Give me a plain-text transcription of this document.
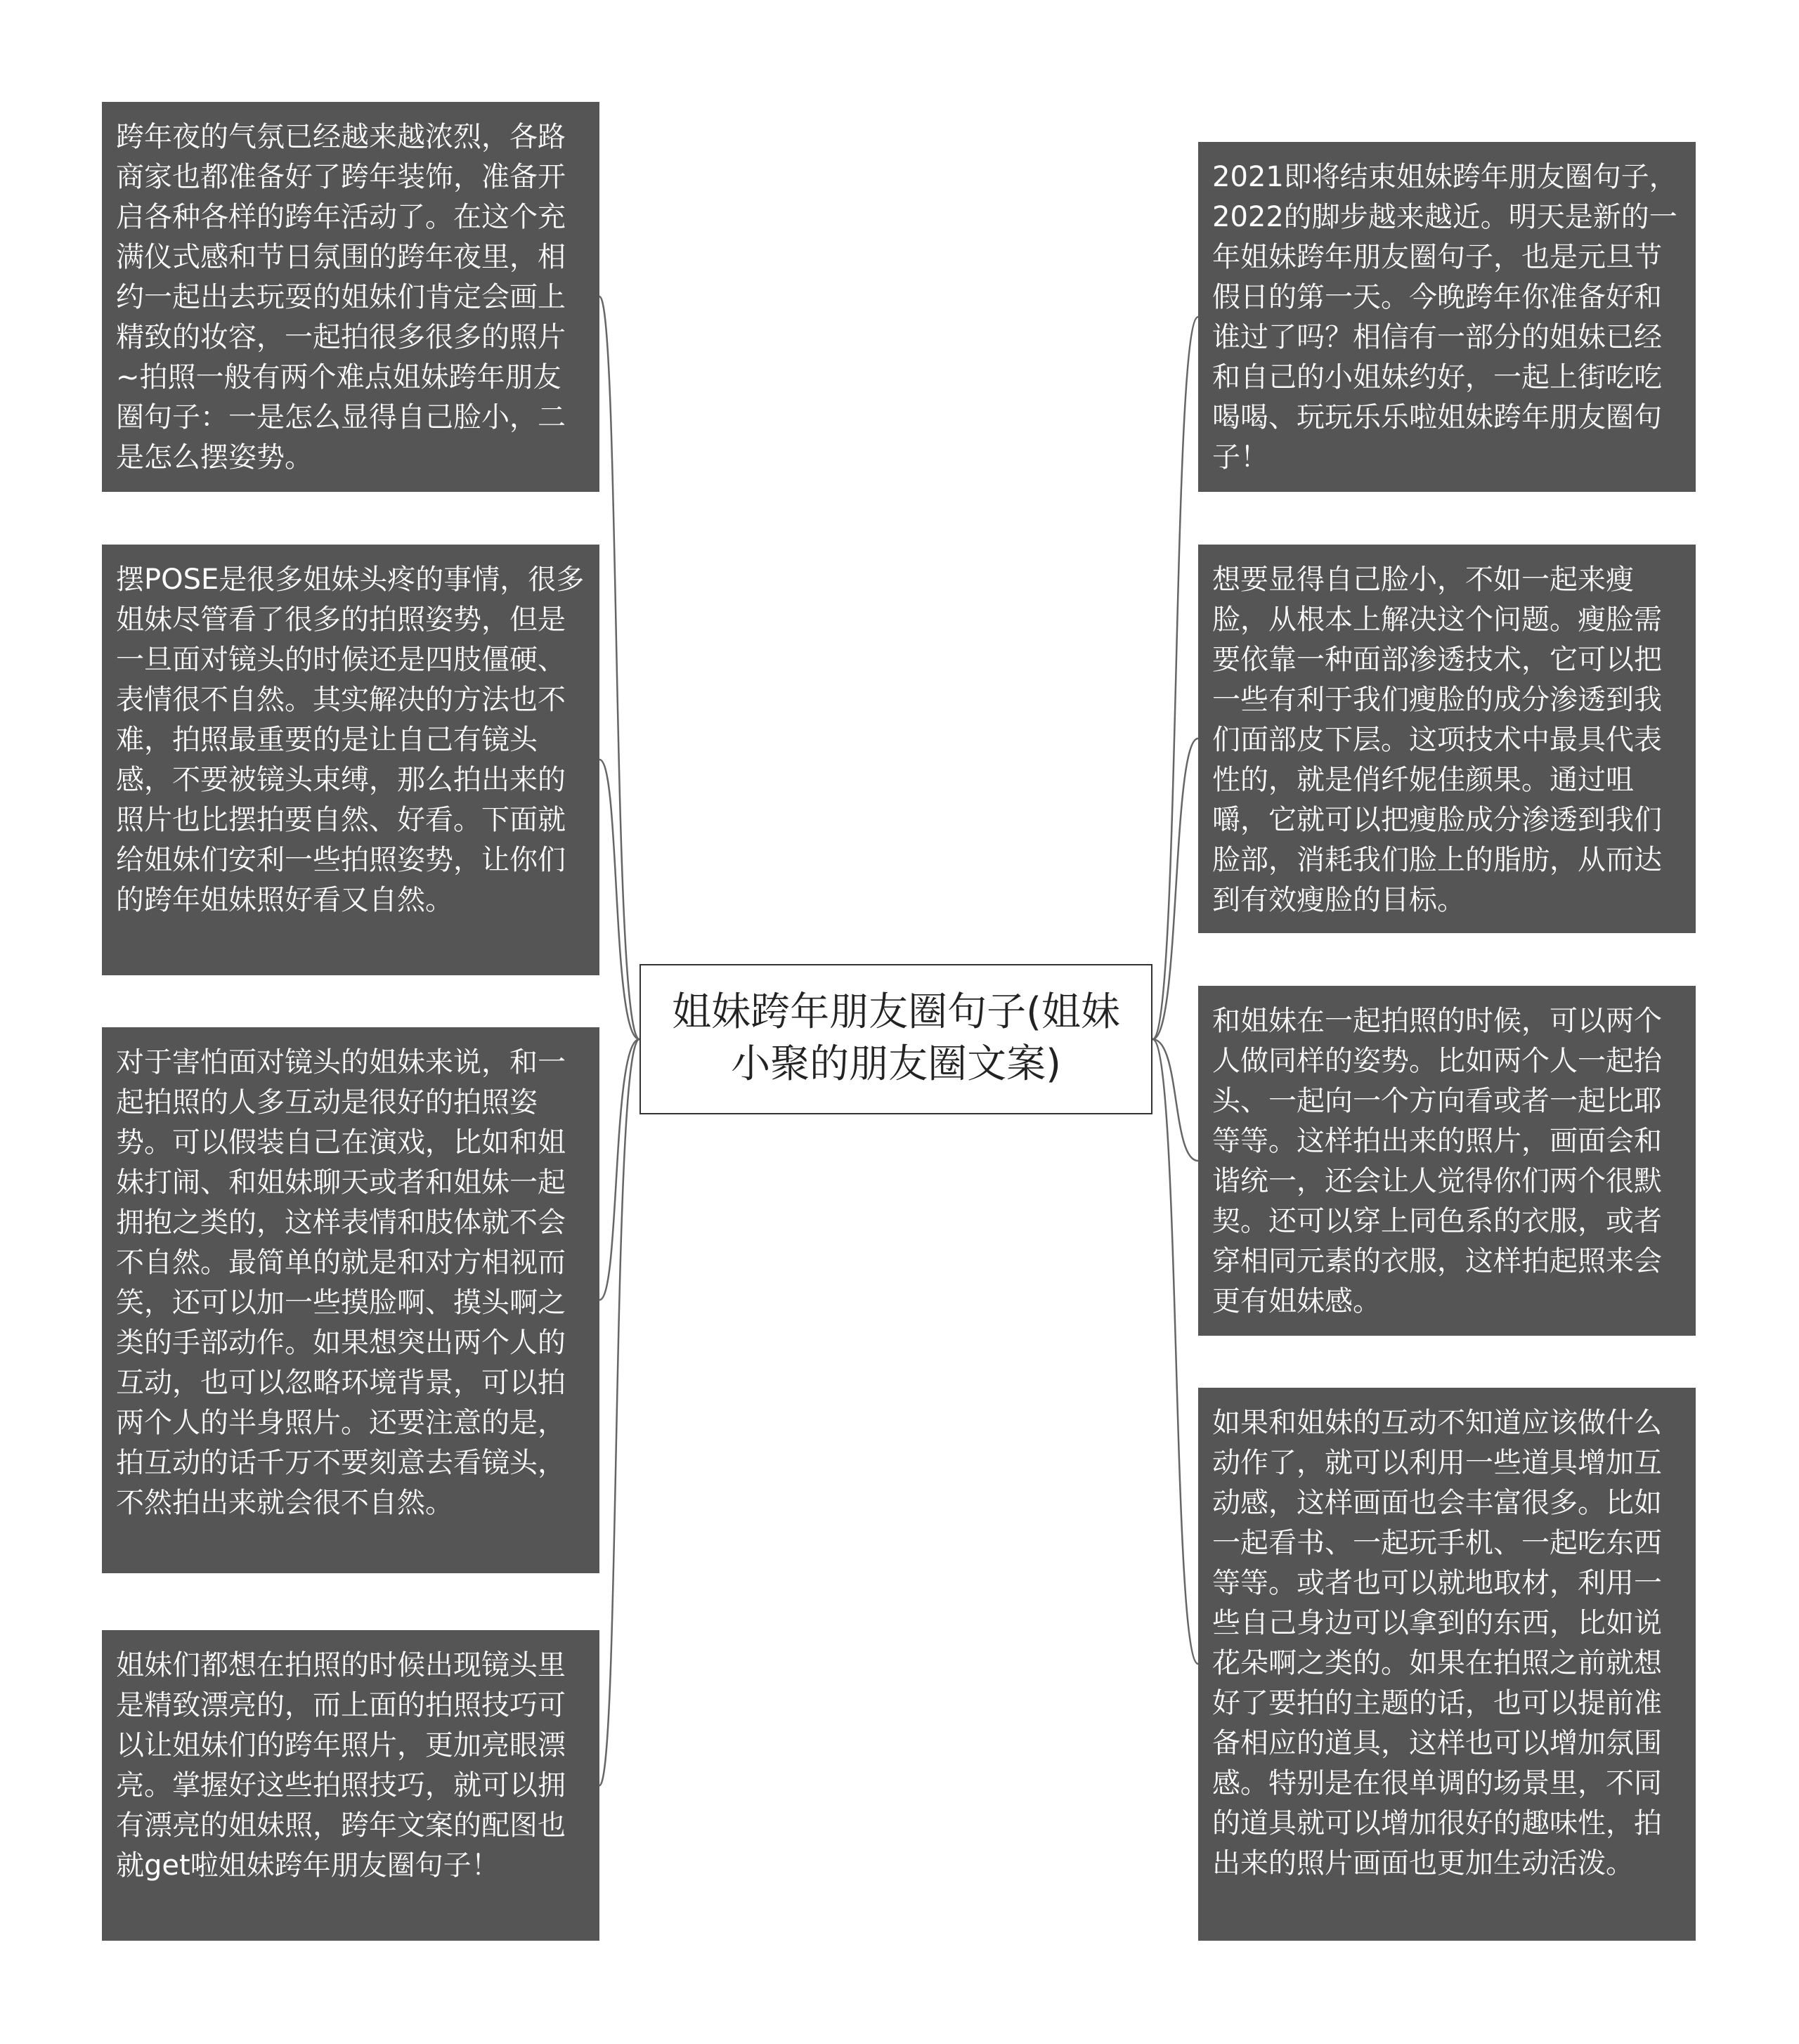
姐妹跨年朋友圈句子(姐妹小聚的朋友圈文案)
跨年夜的气氛已经越来越浓烈，各路商家也都准备好了跨年装饰，准备开启各种各样的跨年活动了。在这个充满仪式感和节日氛围的跨年夜里，相约一起出去玩耍的姐妹们肯定会画上精致的妆容，一起拍很多很多的照片~拍照一般有两个难点姐妹跨年朋友圈句子：一是怎么显得自己脸小，二是怎么摆姿势。
摆POSE是很多姐妹头疼的事情，很多姐妹尽管看了很多的拍照姿势，但是一旦面对镜头的时候还是四肢僵硬、表情很不自然。其实解决的方法也不难，拍照最重要的是让自己有镜头感，不要被镜头束缚，那么拍出来的照片也比摆拍要自然、好看。下面就给姐妹们安利一些拍照姿势，让你们的跨年姐妹照好看又自然。
对于害怕面对镜头的姐妹来说，和一起拍照的人多互动是很好的拍照姿势。可以假装自己在演戏，比如和姐妹打闹、和姐妹聊天或者和姐妹一起拥抱之类的，这样表情和肢体就不会不自然。最简单的就是和对方相视而笑，还可以加一些摸脸啊、摸头啊之类的手部动作。如果想突出两个人的互动，也可以忽略环境背景，可以拍两个人的半身照片。还要注意的是，拍互动的话千万不要刻意去看镜头，不然拍出来就会很不自然。
姐妹们都想在拍照的时候出现镜头里是精致漂亮的，而上面的拍照技巧可以让姐妹们的跨年照片，更加亮眼漂亮。掌握好这些拍照技巧，就可以拥有漂亮的姐妹照，跨年文案的配图也就get啦姐妹跨年朋友圈句子！
2021即将结束姐妹跨年朋友圈句子，2022的脚步越来越近。明天是新的一年姐妹跨年朋友圈句子，也是元旦节假日的第一天。今晚跨年你准备好和谁过了吗？相信有一部分的姐妹已经和自己的小姐妹约好，一起上街吃吃喝喝、玩玩乐乐啦姐妹跨年朋友圈句子！
想要显得自己脸小，不如一起来瘦脸，从根本上解决这个问题。瘦脸需要依靠一种面部渗透技术，它可以把一些有利于我们瘦脸的成分渗透到我们面部皮下层。这项技术中最具代表性的，就是俏纤妮佳颜果。通过咀嚼，它就可以把瘦脸成分渗透到我们脸部，消耗我们脸上的脂肪，从而达到有效瘦脸的目标。
和姐妹在一起拍照的时候，可以两个人做同样的姿势。比如两个人一起抬头、一起向一个方向看或者一起比耶等等。这样拍出来的照片，画面会和谐统一，还会让人觉得你们两个很默契。还可以穿上同色系的衣服，或者穿相同元素的衣服，这样拍起照来会更有姐妹感。
如果和姐妹的互动不知道应该做什么动作了，就可以利用一些道具增加互动感，这样画面也会丰富很多。比如一起看书、一起玩手机、一起吃东西等等。或者也可以就地取材，利用一些自己身边可以拿到的东西，比如说花朵啊之类的。如果在拍照之前就想好了要拍的主题的话，也可以提前准备相应的道具，这样也可以增加氛围感。特别是在很单调的场景里，不同的道具就可以增加很好的趣味性，拍出来的照片画面也更加生动活泼。
